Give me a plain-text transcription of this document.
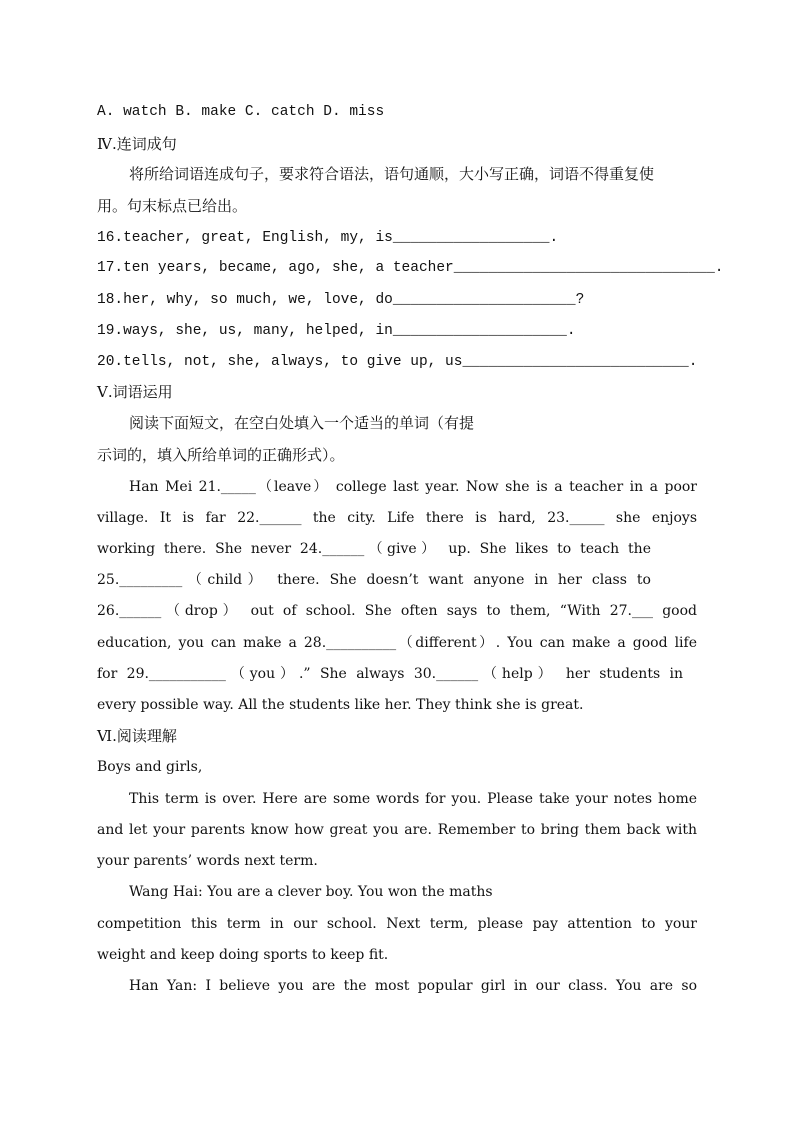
A. watch B. make C. catch D. miss
Ⅳ.连词成句
将所给词语连成句子，要求符合语法，语句通顺，大小写正确，词语不得重复使
用。句末标点已给出。
16.teacher, great, English, my, is__________________.
17.ten years, became, ago, she, a teacher______________________________.
18.her, why, so much, we, love, do_____________________?
19.ways, she, us, many, helped, in____________________.
20.tells, not, she, always, to give up, us__________________________.
Ⅴ.词语运用
阅读下面短文，在空白处填入一个适当的单词（有提
示词的，填入所给单词的正确形式）。
Han Mei 21._____（leave） college last year. Now she is a teacher in a poor
village. It is far 22.______ the city. Life there is hard, 23._____ she enjoys
working there. She never 24.______（give） up. She likes to teach the
25._________（child） there. She doesn’t want anyone in her class to
26.______（drop） out of school. She often says to them, “With 27.___ good
education, you can make a 28.__________（different）. You can make a good life
for 29.___________（you）.” She always 30.______（help） her students in
every possible way. All the students like her. They think she is great.
Ⅵ.阅读理解
Boys and girls,
This term is over. Here are some words for you. Please take your notes home
and let your parents know how great you are. Remember to bring them back with
your parents’ words next term.
Wang Hai: You are a clever boy. You won the maths
competition this term in our school. Next term, please pay attention to your
weight and keep doing sports to keep fit.
Han Yan: I believe you are the most popular girl in our class. You are so
